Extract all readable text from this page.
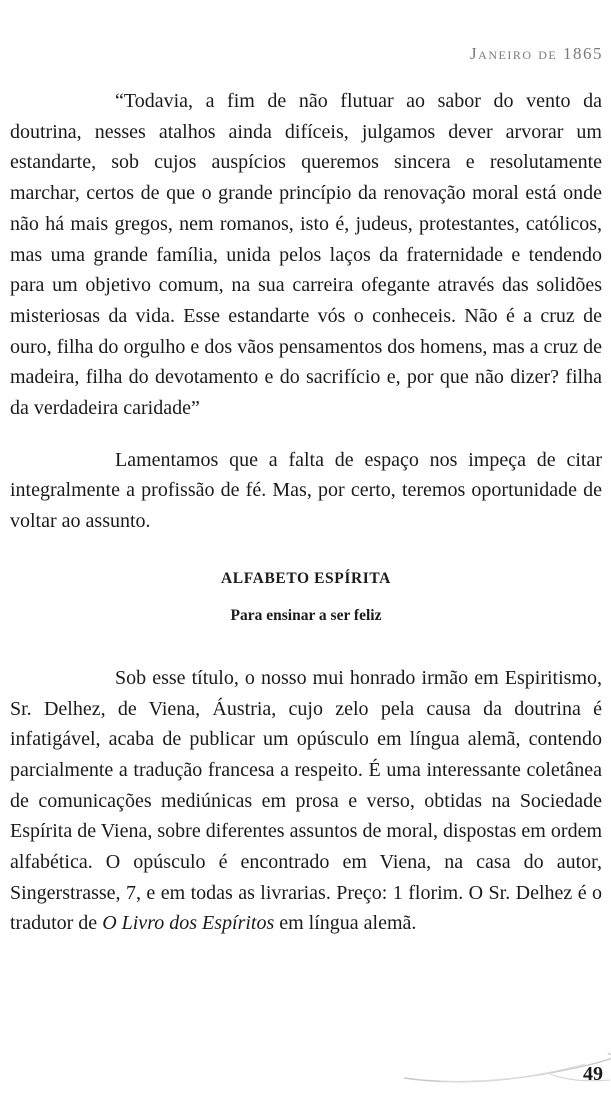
Janeiro de 1865

“Todavia, a fim de não flutuar ao sabor do vento da doutrina, nesses atalhos ainda difíceis, julgamos dever arvorar um estandarte, sob cujos auspícios queremos sincera e resolutamente marchar, certos de que o grande princípio da renovação moral está onde não há mais gregos, nem romanos, isto é, judeus, protestantes, católicos, mas uma grande família, unida pelos laços da fraternidade e tendendo para um objetivo comum, na sua carreira ofegante através das solidões misteriosas da vida. Esse estandarte vós o conheceis. Não é a cruz de ouro, filha do orgulho e dos vãos pensamentos dos homens, mas a cruz de madeira, filha do devotamento e do sacrifício e, por que não dizer? filha da verdadeira caridade”

Lamentamos que a falta de espaço nos impeça de citar integralmente a profissão de fé. Mas, por certo, teremos oportunidade de voltar ao assunto.

ALFABETO ESPÍRITA
Para ensinar a ser feliz

Sob esse título, o nosso mui honrado irmão em Espiritismo, Sr. Delhez, de Viena, Áustria, cujo zelo pela causa da doutrina é infatigável, acaba de publicar um opúsculo em língua alemã, contendo parcialmente a tradução francesa a respeito. É uma interessante coletânea de comunicações mediúnicas em prosa e verso, obtidas na Sociedade Espírita de Viena, sobre diferentes assuntos de moral, dispostas em ordem alfabética. O opúsculo é encontrado em Viena, na casa do autor, Singerstrasse, 7, e em todas as livrarias. Preço: 1 florim. O Sr. Delhez é o tradutor de O Livro dos Espíritos em língua alemã.

49
